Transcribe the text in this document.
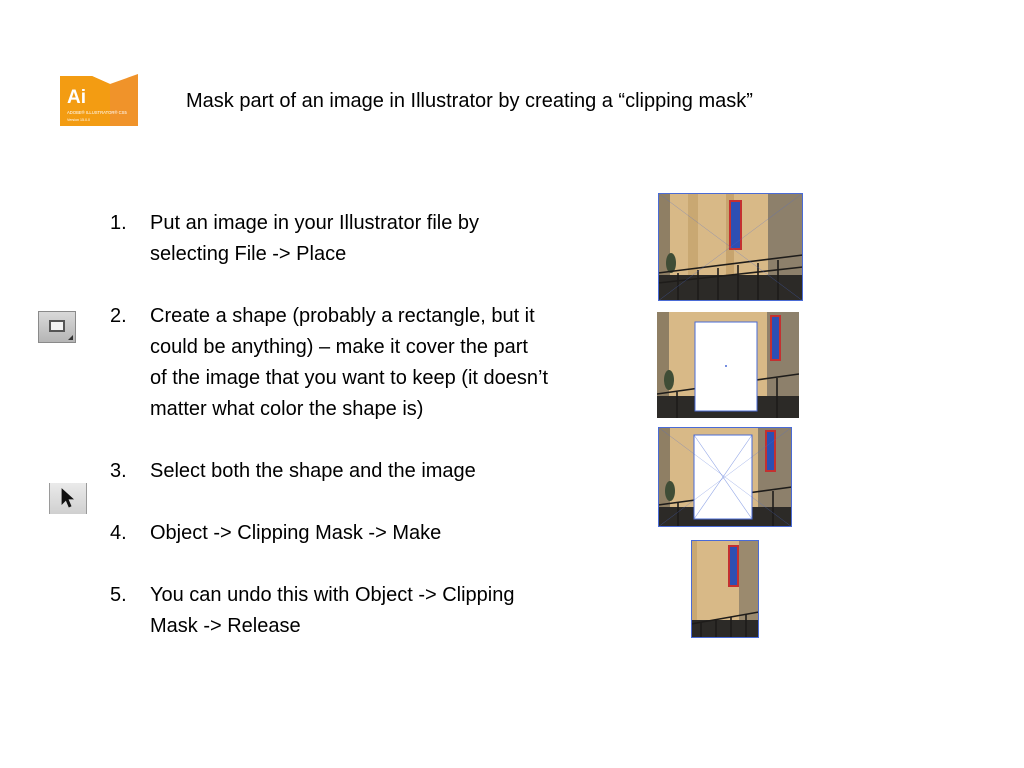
Ai
ADOBE® ILLUSTRATOR® CS5
Version 15.0.0
Mask part of an image in Illustrator by creating a “clipping mask”
1.	Put an image in your Illustrator file by selecting File -> Place
2.	Create a shape (probably a rectangle, but it could be anything) – make it cover the part of the image that you want to keep (it doesn’t matter what color the shape is)
3.	Select both the shape and the image
4.	Object -> Clipping Mask -> Make
5.	You can undo this with Object -> Clipping Mask -> Release
